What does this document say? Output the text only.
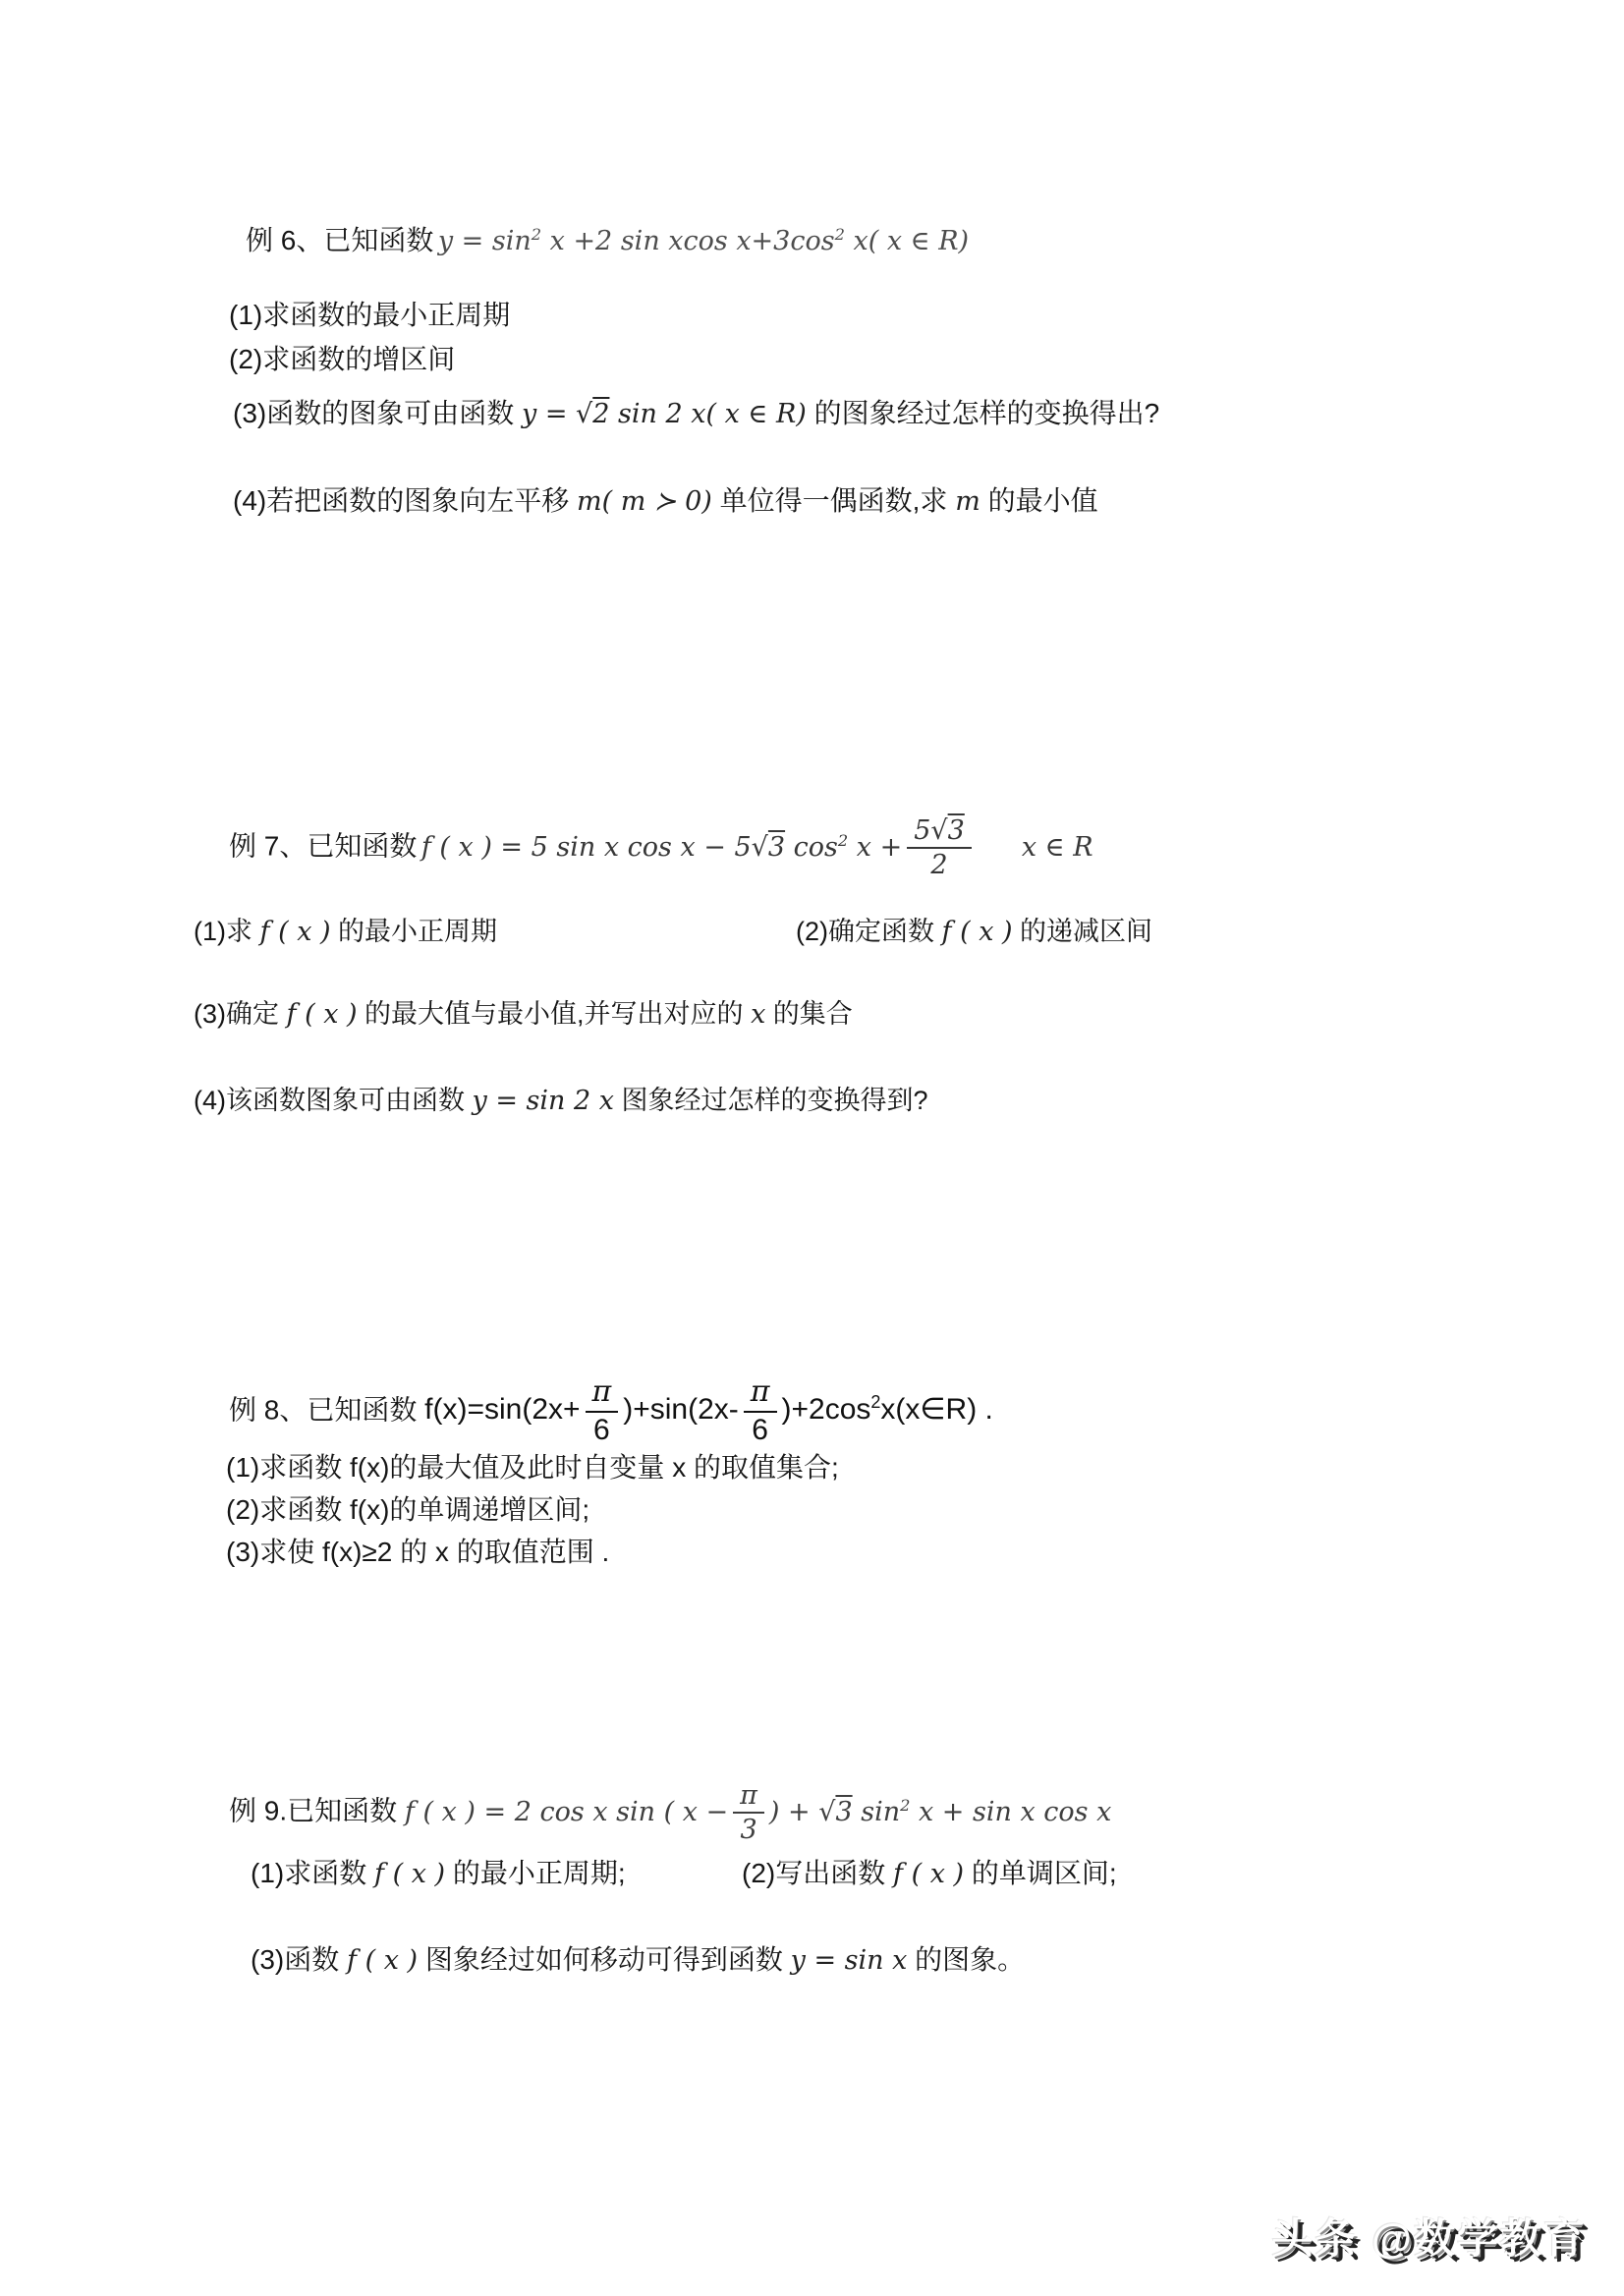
例 6、已知函数 $y = \sin^2 x +2$ sin xcos $x+3\cos^2$ x( x ∈ R)
(1)求函数的最小正周期
(2)求函数的增区间
(3)函数的图象可由函数 y = √2 sin 2 x( x ∈ R) 的图象经过怎样的变换得出?
(4)若把函数的图象向左平移 m( m ≻ 0) 单位得一偶函数,求 m 的最小值
例 7、已知函数 f ( x ) = 5 sin x cos x − 5√3 $\cos^2 x + \frac{5√3}{2}$ x ∈ R
(1)求 f ( x ) 的最小正周期	(2)确定函数 f ( x ) 的递减区间
(3)确定 f ( x ) 的最大值与最小值,并写出对应的 x 的集合
(4)该函数图象可由函数 y = sin 2 x 图象经过怎样的变换得到?
例 8、已知函数 $f(x)=\sin(2x+ \frac{\pi}{6} )+\sin(2x- \frac{\pi}{6}$ )$+2\cos^2x(x\in R)$ .
(1)求函数 f(x)的最大值及此时自变量 x 的取值集合;
(2)求函数 f(x)的单调递增区间;
(3)求使 f(x)≥2 的 x 的取值范围 .
例 9.已知函数 f ( x ) = 2 cos x sin ( $x - \frac{\pi}{3}$ ) + √3 $\sin^2 x + \sin x$ cos x
(1)求函数 f ( x ) 的最小正周期;	(2)写出函数 f ( x ) 的单调区间;
(3)函数 f ( x ) 图象经过如何移动可得到函数 y = sin x 的图象。
头条 @数学教育
